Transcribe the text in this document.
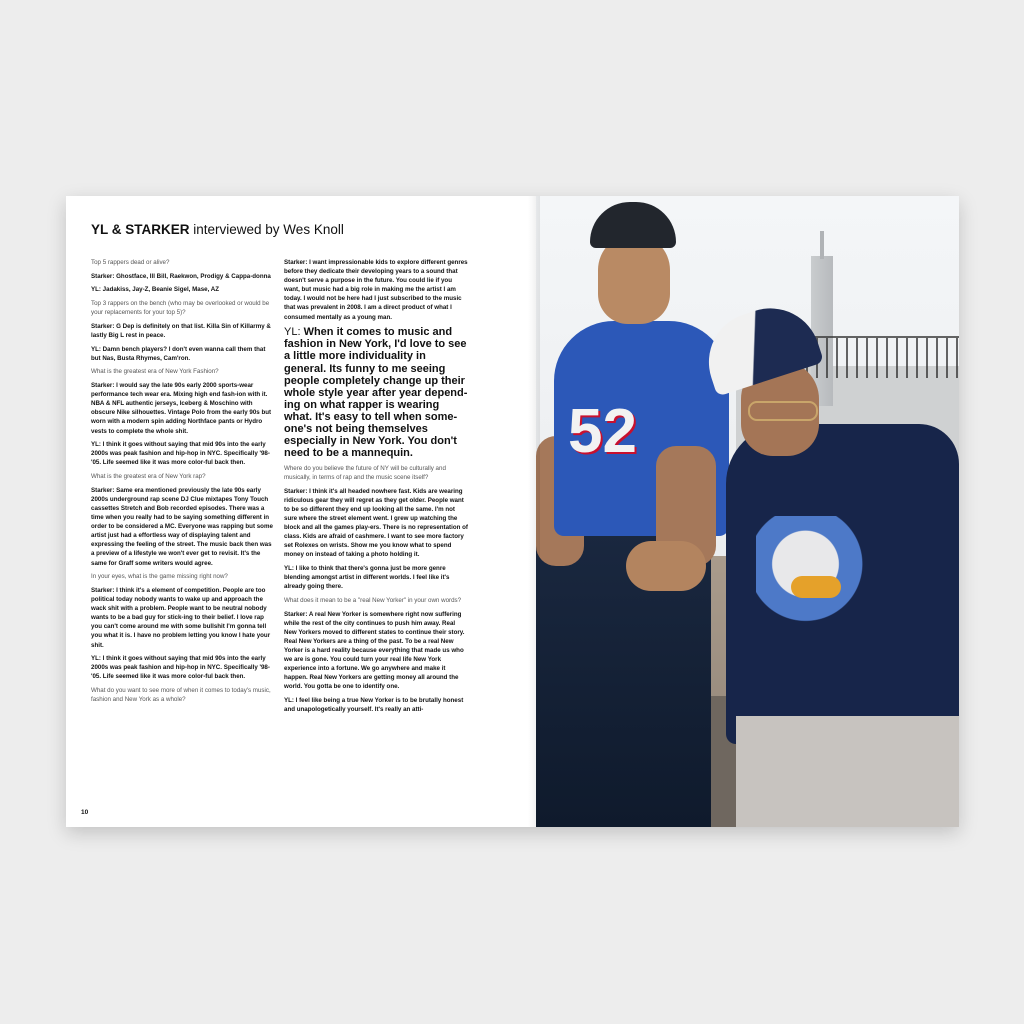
YL & STARKER interviewed by Wes Knoll

Top 5 rappers dead or alive?

Starker: Ghostface, Ill Bill, Raekwon, Prodigy & Cappa-donna

YL: Jadakiss, Jay-Z, Beanie Sigel, Mase, AZ

Top 3 rappers on the bench (who may be overlooked or would be your replacements for your top 5)?

Starker: G Dep is definitely on that list. Killa Sin of Killarmy & lastly Big L rest in peace.

YL: Damn bench players? I don't even wanna call them that but Nas, Busta Rhymes, Cam'ron.

What is the greatest era of New York Fashion?

Starker: I would say the late 90s early 2000 sports-wear performance tech wear era. Mixing high end fash-ion with it. NBA & NFL authentic jerseys, Iceberg & Moschino with obscure Nike silhouettes. Vintage Polo from the early 90s but worn with a modern spin adding Northface pants or Hydro vests to complete the whole shit.

YL: I think it goes without saying that mid 90s into the early 2000s was peak fashion and hip-hop in NYC. Specifically '98-'05. Life seemed like it was more color-ful back then.

What is the greatest era of New York rap?

Starker: Same era mentioned previously the late 90s early 2000s underground rap scene DJ Clue mixtapes Tony Touch cassettes Stretch and Bob recorded episodes. There was a time when you really had to be saying something different in order to be considered a MC. Everyone was rapping but some artist just had a effortless way of displaying talent and expressing the feeling of the street. The music back then was a preview of a lifestyle we won't ever get to revisit. It's the same for Graff some writers would agree.

In your eyes, what is the game missing right now?

Starker: I think it's a element of competition. People are too political today nobody wants to wake up and approach the wack shit with a problem. People want to be neutral nobody wants to be a bad guy for stick-ing to their belief. I love rap you can't come around me with some bullshit I'm gonna tell you what it is. I have no problem letting you know I hate your shit.

YL: I think it goes without saying that mid 90s into the early 2000s was peak fashion and hip-hop in NYC. Specifically '98-'05. Life seemed like it was more color-ful back then.

What do you want to see more of when it comes to today's music, fashion and New York as a whole?

Starker: I want impressionable kids to explore different genres before they dedicate their developing years to a sound that doesn't serve a purpose in the future. You could lie if you want, but music had a big role in making me the artist I am today. I would not be here had I just subscribed to the music that was prevalent in 2008. I am a direct product of what I consumed mentally as a young man.

YL: When it comes to music and fashion in New York, I'd love to see a little more individuality in general. Its funny to me seeing people completely change up their whole style year after year depend-ing on what rapper is wearing what. It's easy to tell when some-one's not being themselves especially in New York. You don't need to be a mannequin.

Where do you believe the future of NY will be culturally and musically, in terms of rap and the music scene itself?

Starker: I think it's all headed nowhere fast. Kids are wearing ridiculous gear they will regret as they get older. People want to be so different they end up looking all the same. I'm not sure where the street element went. I grew up watching the block and all the games play-ers. There is no representation of class. Kids are afraid of cashmere. I want to see more factory set Rolexes on wrists. Show me you know what to spend money on instead of taking a photo holding it.

YL: I like to think that there's gonna just be more genre blending amongst artist in different worlds. I feel like it's already going there.

What does it mean to be a "real New Yorker" in your own words?

Starker: A real New Yorker is somewhere right now suffering while the rest of the city continues to push him away. Real New Yorkers moved to different states to continue their story. Real New Yorkers are a thing of the past. To be a real New Yorker is a hard reality because everything that made us who we are is gone. You could turn your real life New York experience into a fortune. We go anywhere and make it happen. Real New Yorkers are getting money all around the world. You gotta be one to identify one.

YL: I feel like being a true New Yorker is to be brutally honest and unapologetically yourself. It's really an atti-

10
52
